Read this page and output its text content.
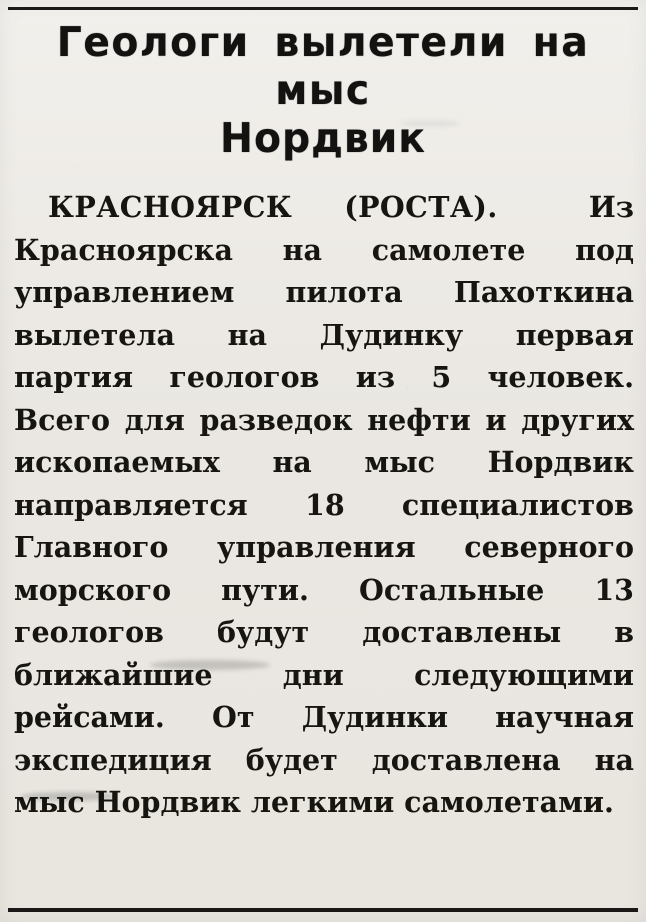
Геологи вылетели на мыс
Нордвик

КРАСНОЯРСК (РОСТА).	Из Красноярска на самолете под управлением пилота Пахоткина вылетела на Дудинку первая партия геологов из 5 человек. Всего для разведок нефти и других ископаемых на мыс Нордвик направляется 18 специалистов Главного управления северного морского пути. Остальные 13 геологов будут доставлены в ближайшие дни следующими рейсами. От Дудинки научная экспедиция будет доставлена на мыс Нордвик легкими самолетами.
